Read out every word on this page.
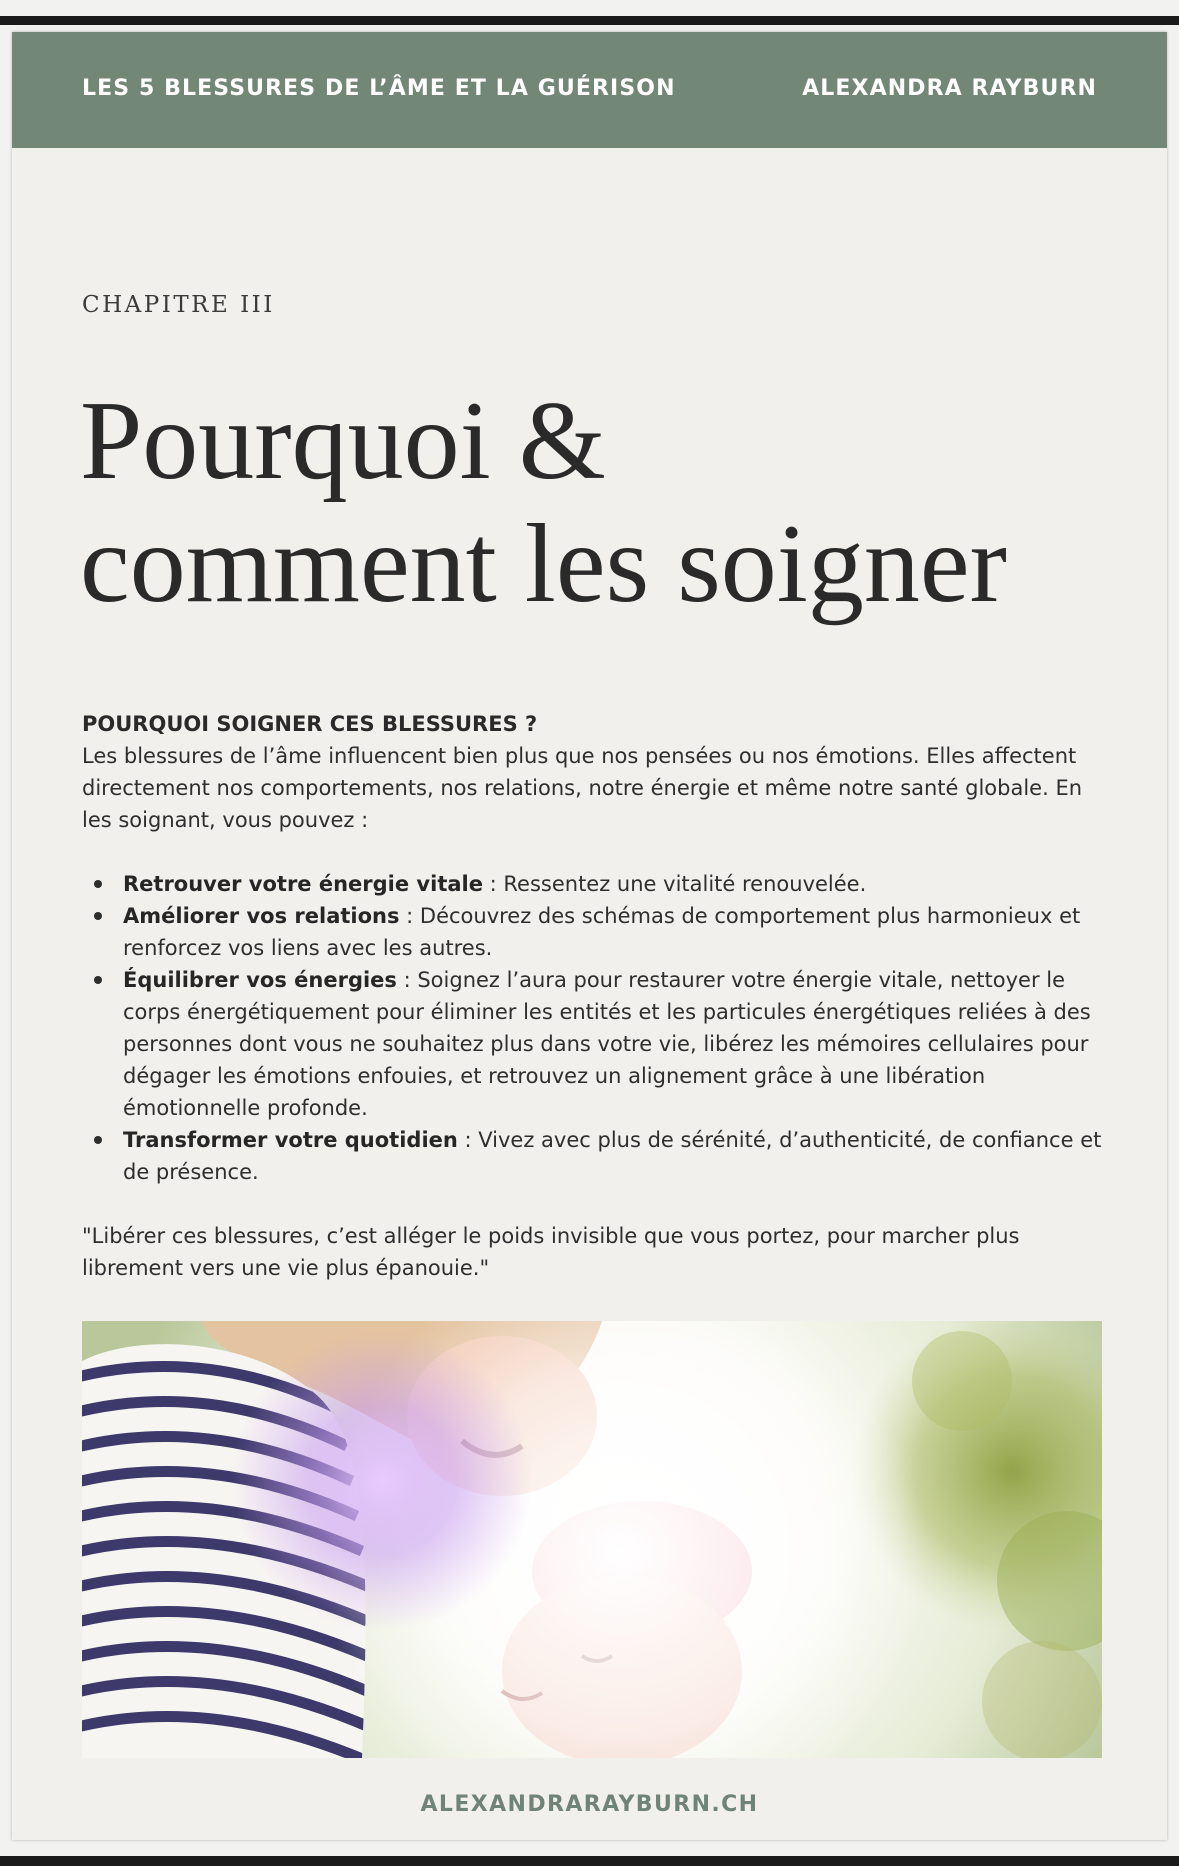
LES 5 BLESSURES DE L’ÂME ET LA GUÉRISON	ALEXANDRA RAYBURN
CHAPITRE III
Pourquoi &
comment les soigner

POURQUOI SOIGNER CES BLESSURES ?

Les blessures de l’âme influencent bien plus que nos pensées ou nos émotions. Elles affectent directement nos comportements, nos relations, notre énergie et même notre santé globale. En les soignant, vous pouvez :

Retrouver votre énergie vitale : Ressentez une vitalité renouvelée.
Améliorer vos relations : Découvrez des schémas de comportement plus harmonieux et renforcez vos liens avec les autres.
Équilibrer vos énergies : Soignez l’aura pour restaurer votre énergie vitale, nettoyer le corps énergétiquement pour éliminer les entités et les particules énergétiques reliées à des personnes dont vous ne souhaitez plus dans votre vie, libérez les mémoires cellulaires pour dégager les émotions enfouies, et retrouvez un alignement grâce à une libération émotionnelle profonde.
Transformer votre quotidien : Vivez avec plus de sérénité, d’authenticité, de confiance et de présence.

"Libérer ces blessures, c’est alléger le poids invisible que vous portez, pour marcher plus librement vers une vie plus épanouie."

ALEXANDRARAYBURN.CH
